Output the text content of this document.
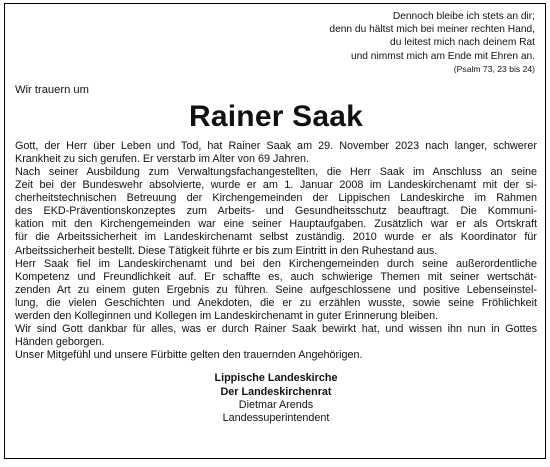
Dennoch bleibe ich stets an dir;
denn du hältst mich bei meiner rechten Hand,
du leitest mich nach deinem Rat
und nimmst mich am Ende mit Ehren an.
(Psalm 73, 23 bis 24)
Wir trauern um
Rainer Saak
Gott, der Herr über Leben und Tod, hat Rainer Saak am 29. November 2023 nach langer, schwerer
Krankheit zu sich gerufen. Er verstarb im Alter von 69 Jahren.
Nach seiner Ausbildung zum Verwaltungsfachangestellten, die Herr Saak im Anschluss an seine
Zeit bei der Bundeswehr absolvierte, wurde er am 1. Januar 2008 im Landeskirchenamt mit der si-
cherheitstechnischen Betreuung der Kirchengemeinden der Lippischen Landeskirche im Rahmen
des EKD-Präventionskonzeptes zum Arbeits- und Gesundheitsschutz beauftragt. Die Kommuni-
kation mit den Kirchengemeinden war eine seiner Hauptaufgaben. Zusätzlich war er als Ortskraft
für die Arbeitssicherheit im Landeskirchenamt selbst zuständig. 2010 wurde er als Koordinator für
Arbeitssicherheit bestellt. Diese Tätigkeit führte er bis zum Eintritt in den Ruhestand aus.
Herr Saak fiel im Landeskirchenamt und bei den Kirchengemeinden durch seine außerordentliche
Kompetenz und Freundlichkeit auf. Er schaffte es, auch schwierige Themen mit seiner wertschät-
zenden Art zu einem guten Ergebnis zu führen. Seine aufgeschlossene und positive Lebenseinstel-
lung, die vielen Geschichten und Anekdoten, die er zu erzählen wusste, sowie seine Fröhlichkeit
werden den Kolleginnen und Kollegen im Landeskirchenamt in guter Erinnerung bleiben.
Wir sind Gott dankbar für alles, was er durch Rainer Saak bewirkt hat, und wissen ihn nun in Gottes
Händen geborgen.
Unser Mitgefühl und unsere Fürbitte gelten den trauernden Angehörigen.
Lippische Landeskirche
Der Landeskirchenrat
Dietmar Arends
Landessuperintendent
